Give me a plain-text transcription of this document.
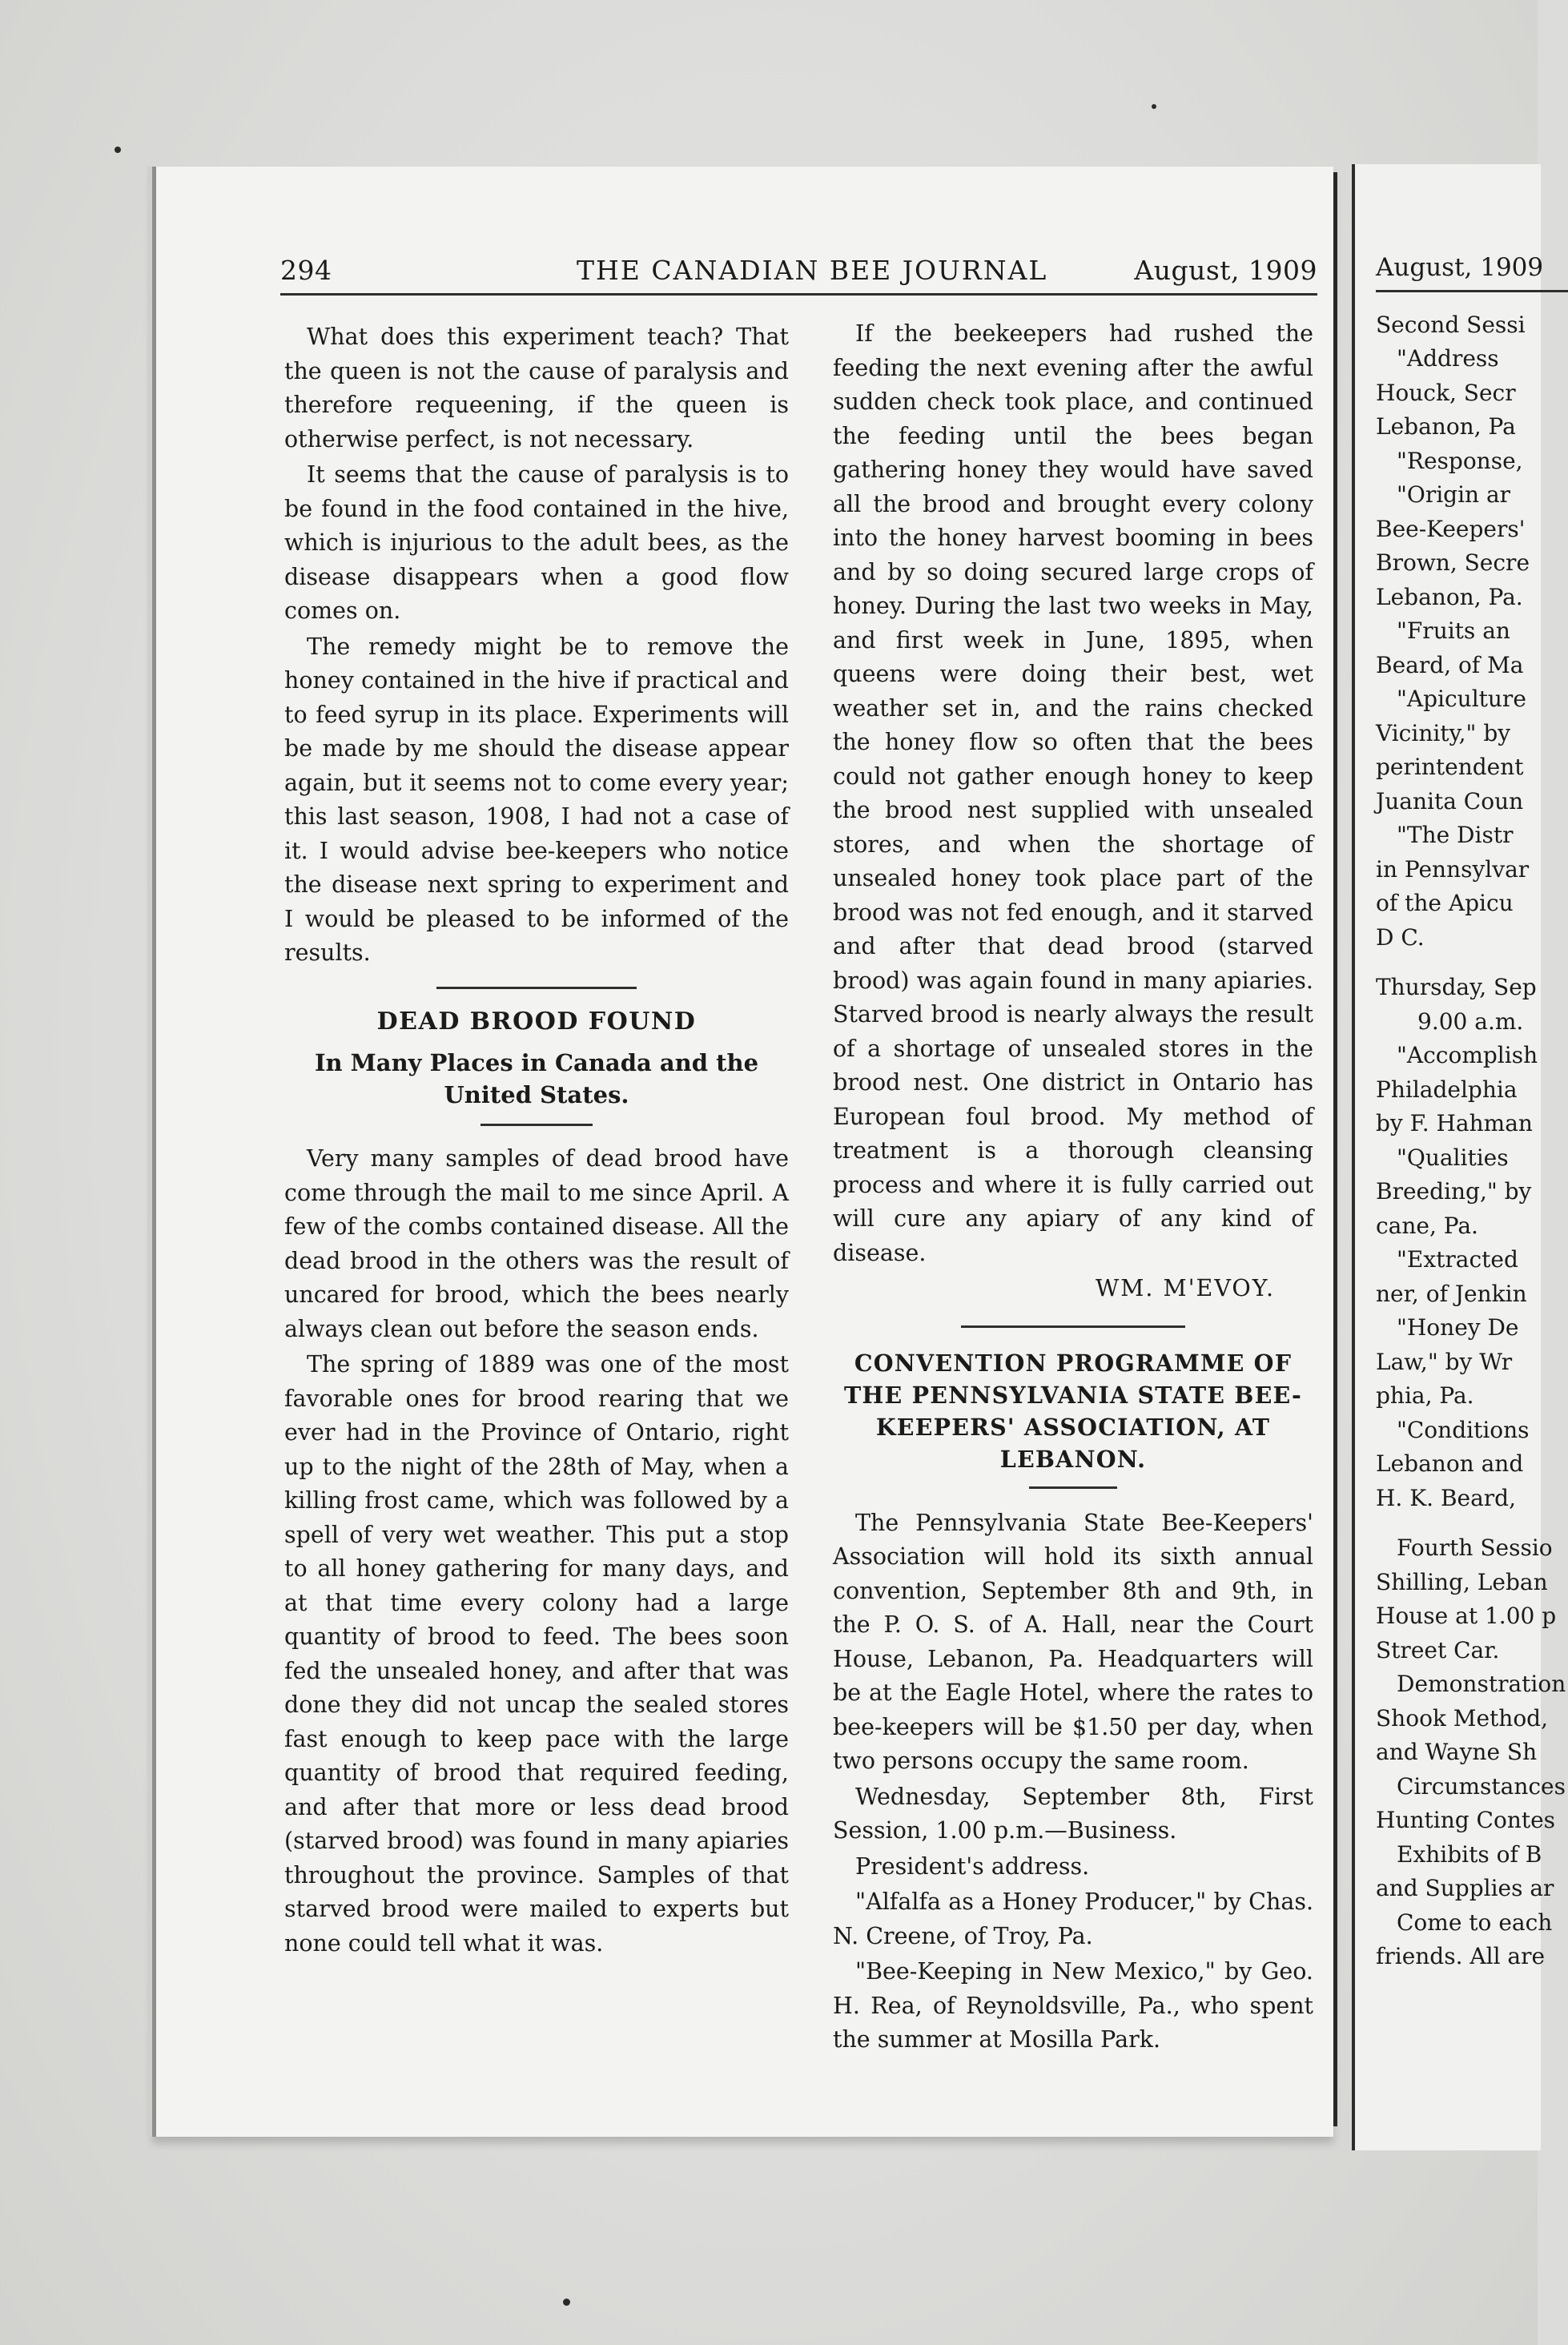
294	THE CANADIAN BEE JOURNAL	August, 1909

What does this experiment teach? That the queen is not the cause of paralysis and therefore requeening, if the queen is otherwise perfect, is not necessary.

It seems that the cause of paralysis is to be found in the food contained in the hive, which is injurious to the adult bees, as the disease disappears when a good flow comes on.

The remedy might be to remove the honey contained in the hive if practical and to feed syrup in its place. Experiments will be made by me should the disease appear again, but it seems not to come every year; this last season, 1908, I had not a case of it. I would advise bee-keepers who notice the disease next spring to experiment and I would be pleased to be informed of the results.

DEAD BROOD FOUND
In Many Places in Canada and the United States.

Very many samples of dead brood have come through the mail to me since April. A few of the combs contained disease. All the dead brood in the others was the result of uncared for brood, which the bees nearly always clean out before the season ends.

The spring of 1889 was one of the most favorable ones for brood rearing that we ever had in the Province of Ontario, right up to the night of the 28th of May, when a killing frost came, which was followed by a spell of very wet weather. This put a stop to all honey gathering for many days, and at that time every colony had a large quantity of brood to feed. The bees soon fed the unsealed honey, and after that was done they did not uncap the sealed stores fast enough to keep pace with the large quantity of brood that required feeding, and after that more or less dead brood (starved brood) was found in many apiaries throughout the province. Samples of that starved brood were mailed to experts but none could tell what it was.

If the beekeepers had rushed the feeding the next evening after the awful sudden check took place, and continued the feeding until the bees began gathering honey they would have saved all the brood and brought every colony into the honey harvest booming in bees and by so doing secured large crops of honey. During the last two weeks in May, and first week in June, 1895, when queens were doing their best, wet weather set in, and the rains checked the honey flow so often that the bees could not gather enough honey to keep the brood nest supplied with unsealed stores, and when the shortage of unsealed honey took place part of the brood was not fed enough, and it starved and after that dead brood (starved brood) was again found in many apiaries. Starved brood is nearly always the result of a shortage of unsealed stores in the brood nest. One district in Ontario has European foul brood. My method of treatment is a thorough cleansing process and where it is fully carried out will cure any apiary of any kind of disease.

WM. M'EVOY.
CONVENTION PROGRAMME OF THE PENNSYLVANIA STATE BEE-KEEPERS' ASSOCIATION, AT LEBANON.

The Pennsylvania State Bee-Keepers' Association will hold its sixth annual convention, September 8th and 9th, in the P. O. S. of A. Hall, near the Court House, Lebanon, Pa. Headquarters will be at the Eagle Hotel, where the rates to bee-keepers will be $1.50 per day, when two persons occupy the same room.

Wednesday, September 8th, First Session, 1.00 p.m.—Business.

President's address.

"Alfalfa as a Honey Producer," by Chas. N. Creene, of Troy, Pa.

"Bee-Keeping in New Mexico," by Geo. H. Rea, of Reynoldsville, Pa., who spent the summer at Mosilla Park.

August, 1909
Second Sessi
"Address
Houck, Secr
Lebanon, Pa
"Response,
"Origin ar
Bee-Keepers'
Brown, Secre
Lebanon, Pa.
"Fruits an
Beard, of Ma
"Apiculture
Vicinity," by
perintendent
Juanita Coun
"The Distr
in Pennsylvar
of the Apicu
D C.
Thursday, Sep
9.00 a.m.
"Accomplish
Philadelphia
by F. Hahman
"Qualities
Breeding," by
cane, Pa.
"Extracted
ner, of Jenkin
"Honey De
Law," by Wr
phia, Pa.
"Conditions
Lebanon and
H. K. Beard,
Fourth Sessio
Shilling, Leban
House at 1.00 p
Street Car.
Demonstration
Shook Method,
and Wayne Sh
Circumstances
Hunting Contes
Exhibits of B
and Supplies ar
Come to each
friends. All are
